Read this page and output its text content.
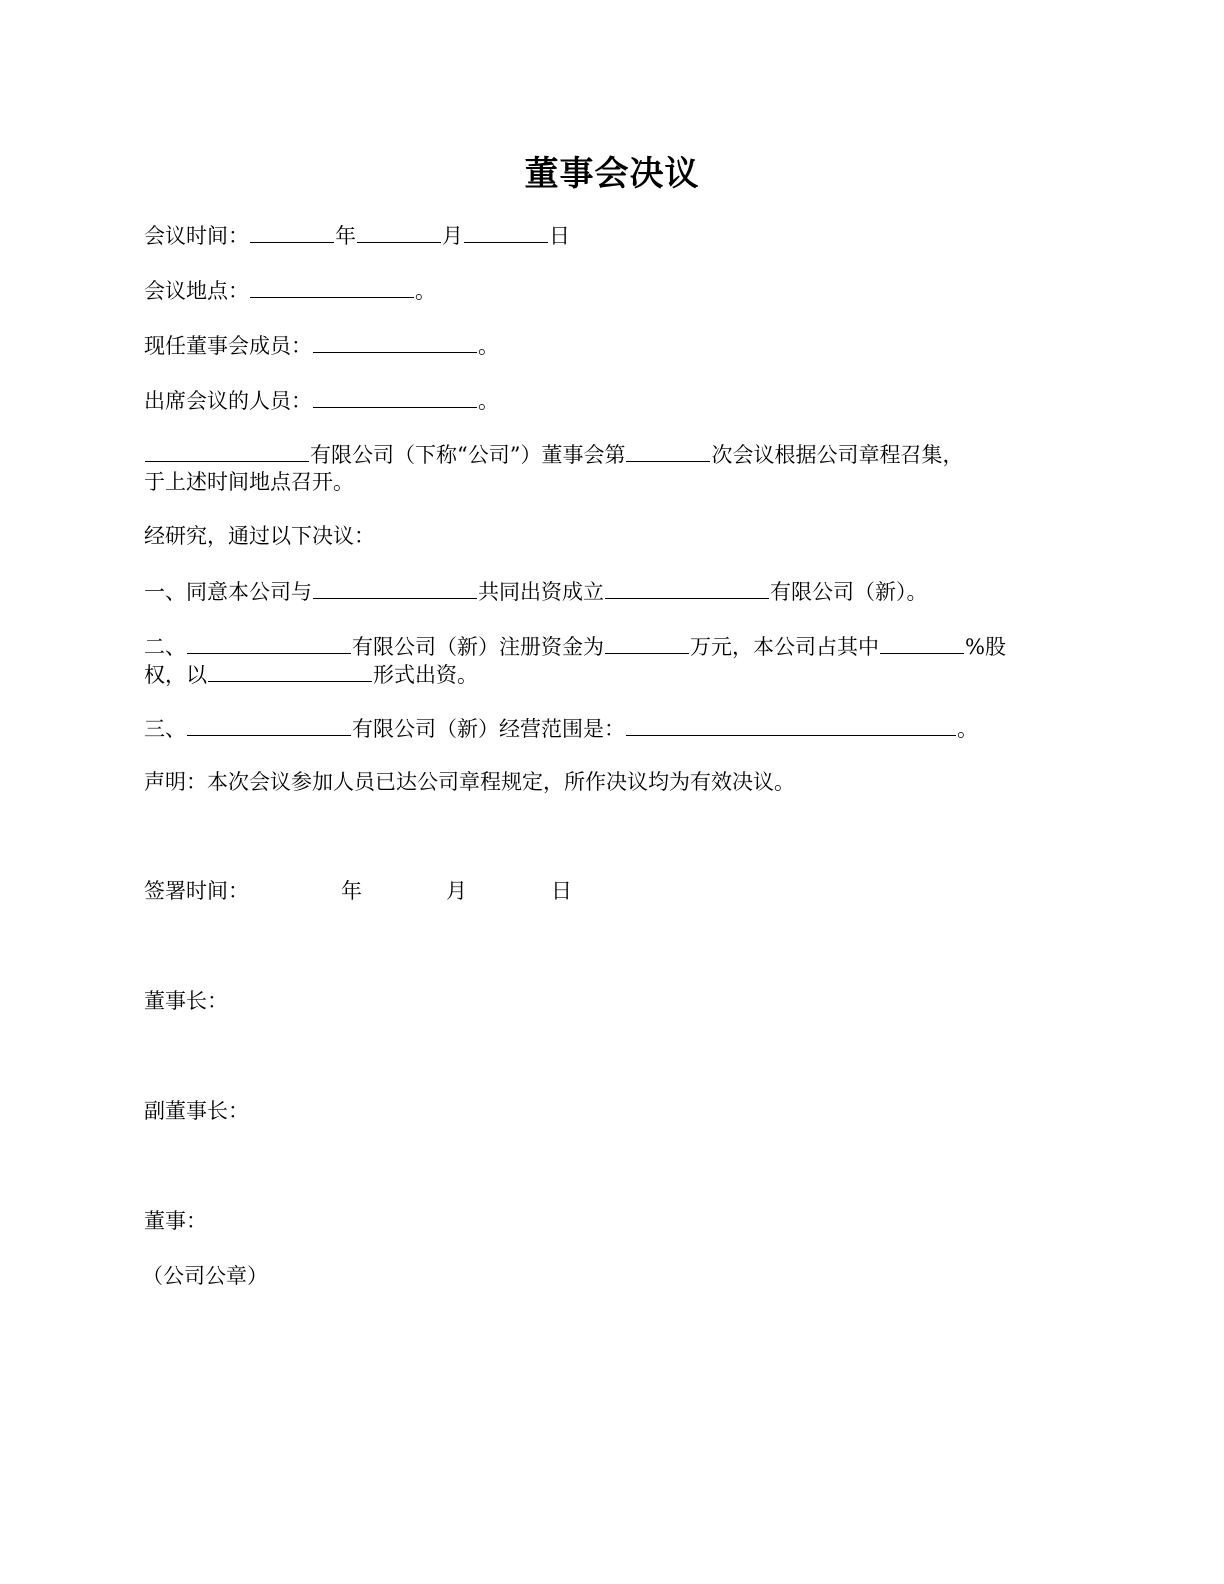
董事会决议
会议时间：	年	月	日
会议地点：	。
现任董事会成员：	。
出席会议的人员：	。
有限公司（下称“公司”）董事会第	次会议根据公司章程召集，
于上述时间地点召开。
经研究，通过以下决议：
一、同意本公司与	共同出资成立	有限公司（新）。
二、	有限公司（新）注册资金为	万元，本公司占其中	%股
权，以	形式出资。
三、	有限公司（新）经营范围是：	。
声明：本次会议参加人员已达公司章程规定，所作决议均为有效决议。
签署时间：	年	月	日
董事长：
副董事长：
董事：
（公司公章）
